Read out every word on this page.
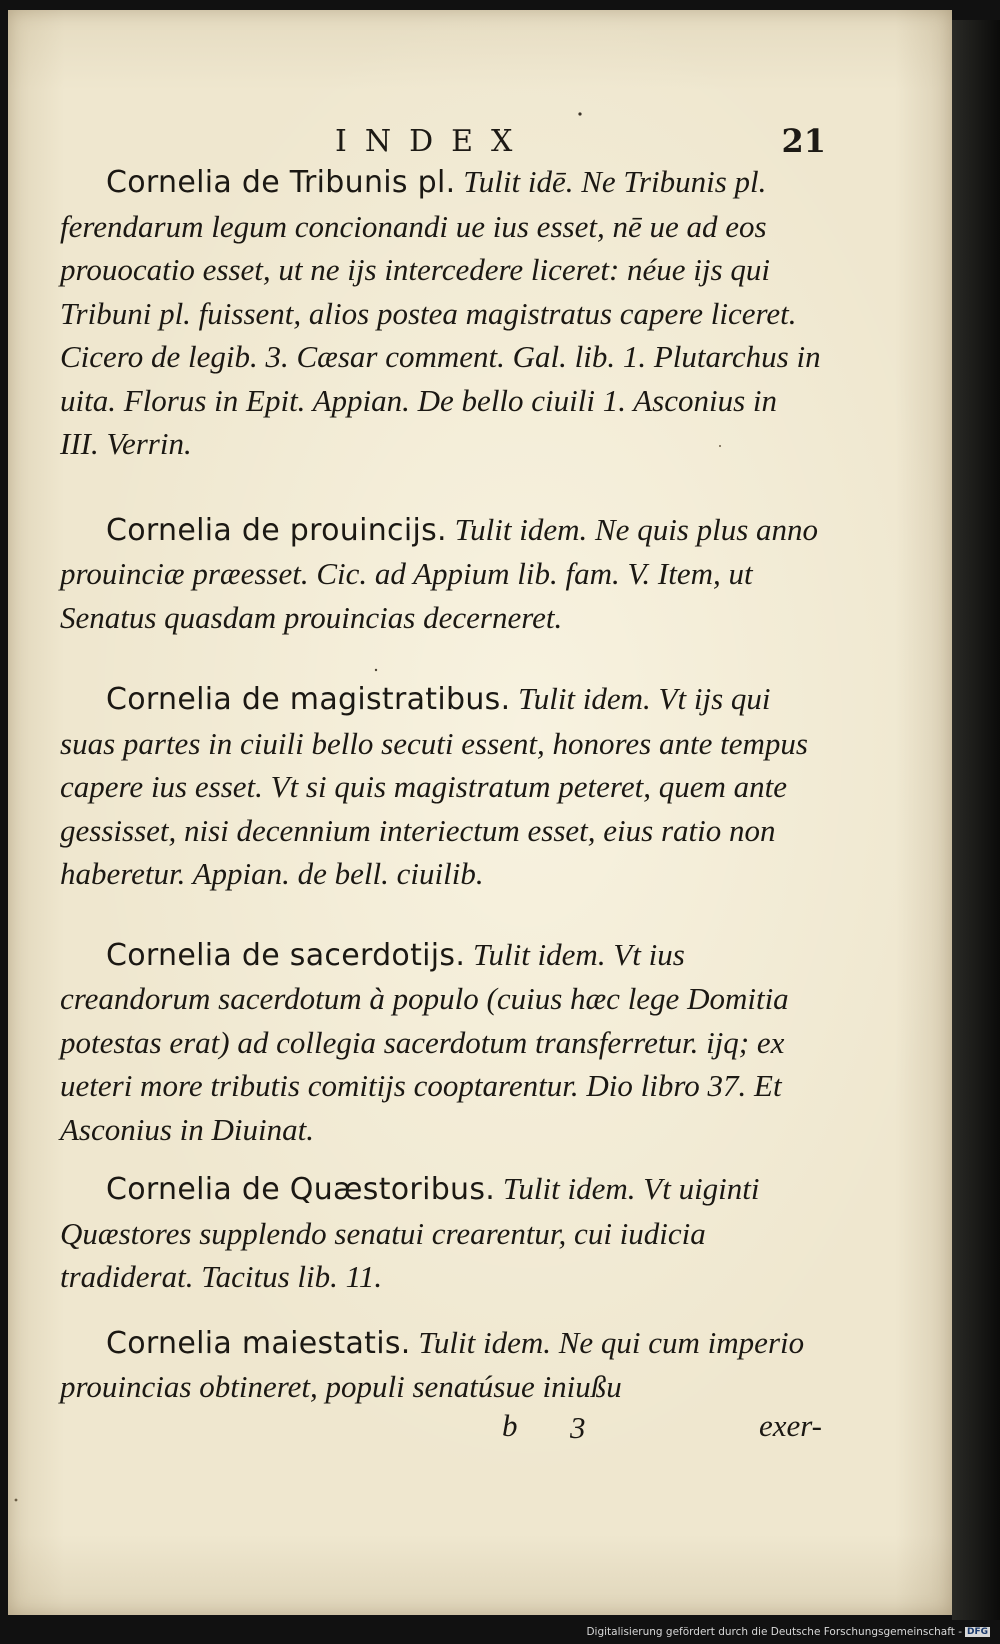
INDEX	21
Cornelia de Tribunis pl. Tulit idē. Ne Tribunis pl. ferendarum legum concionandi ue ius esset, nē ue ad eos prouocatio esset, ut ne ijs intercedere liceret: néue ijs qui Tribuni pl. fuissent, alios postea magistratus capere liceret. Cicero de legib. 3. Cæsar comment. Gal. lib. 1. Plutarchus in uita. Florus in Epit. Appian. De bello ciuili 1. Asconius in III. Verrin.
Cornelia de prouincijs. Tulit idem. Ne quis plus anno prouinciæ præesset. Cic. ad Appium lib. fam. V. Item, ut Senatus quasdam prouincias decerneret.
Cornelia de magistratibus. Tulit idem. Vt ijs qui suas partes in ciuili bello secuti essent, honores ante tempus capere ius esset. Vt si quis magistratum peteret, quem ante gessisset, nisi decennium interiectum esset, eius ratio non haberetur. Appian. de bell. ciuilib.
Cornelia de sacerdotijs. Tulit idem. Vt ius creandorum sacerdotum à populo (cuius hæc lege Domitia potestas erat) ad collegia sacerdotum transferretur. ijq; ex ueteri more tributis comitijs cooptarentur. Dio libro 37. Et Asconius in Diuinat.
Cornelia de Quæstoribus. Tulit idem. Vt uiginti Quæstores supplendo senatui crearentur, cui iudicia tradiderat. Tacitus lib. 11.
Cornelia maiestatis. Tulit idem. Ne qui cum imperio prouincias obtineret, populi senatúsue iniußu
b 3	exer-
Digitalisierung gefördert durch die Deutsche Forschungsgemeinschaft - DFG
